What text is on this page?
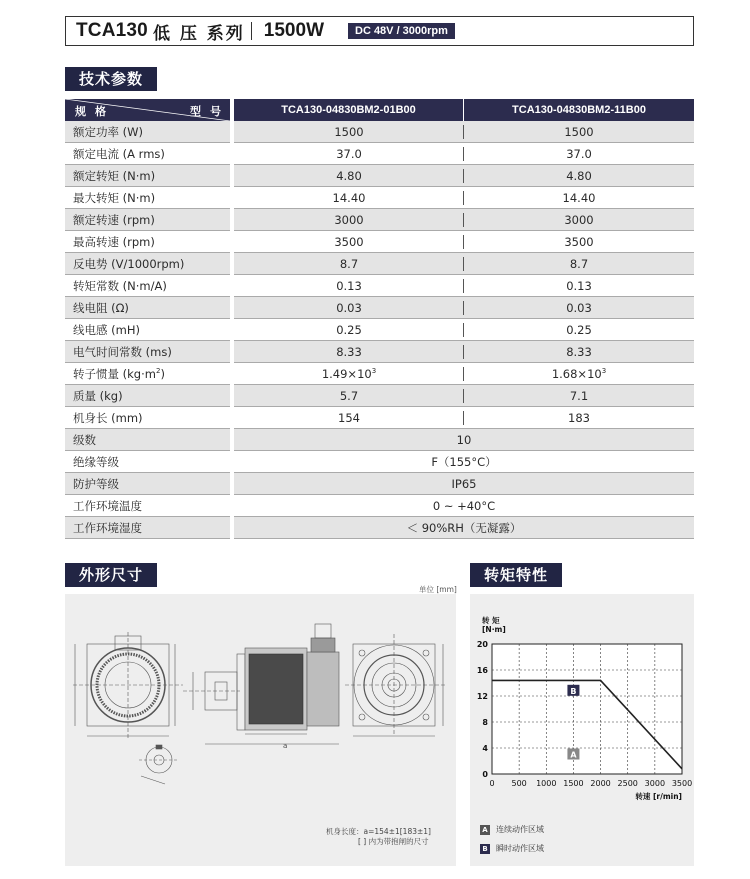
TCA130 低 压 系列 1500W	DC 48V / 3000rpm
技术参数
规 格 型 号		TCA130-04830BM2-01B00	TCA130-04830BM2-11B00
额定功率 (W)		1500	1500
额定电流 (A rms)		37.0	37.0
额定转矩 (N·m)		4.80	4.80
最大转矩 (N·m)		14.40	14.40
额定转速 (rpm)		3000	3000
最高转速 (rpm)		3500	3500
反电势 (V/1000rpm)		8.7	8.7
转矩常数 (N·m/A)		0.13	0.13
线电阻 (Ω)		0.03	0.03
线电感 (mH)		0.25	0.25
电气时间常数 (ms)		8.33	8.33
转子惯量 $(kg\cdot m^2)$		$1.49\times 10^3$	$1.68\times 10^3$
质量 (kg)		5.7	7.1
机身长 (mm)		154	183
级数		10	
绝缘等级		F（155°C）	
防护等级		IP65	
工作环境温度		0 ~ +40°C	
工作环境湿度		＜ 90%RH（无凝露）	
外形尺寸	转矩特性
单位 [mm]
a
机身长度：a=154±1[183±1]
[ ] 内为带抱闸的尺寸
B
A
0 500 1000 1500 2000 2500 3000 3500
0
4
8
12
16
20
转 矩
[N·m]
转速 [r/min]
A 连续动作区域
B 瞬时动作区域
